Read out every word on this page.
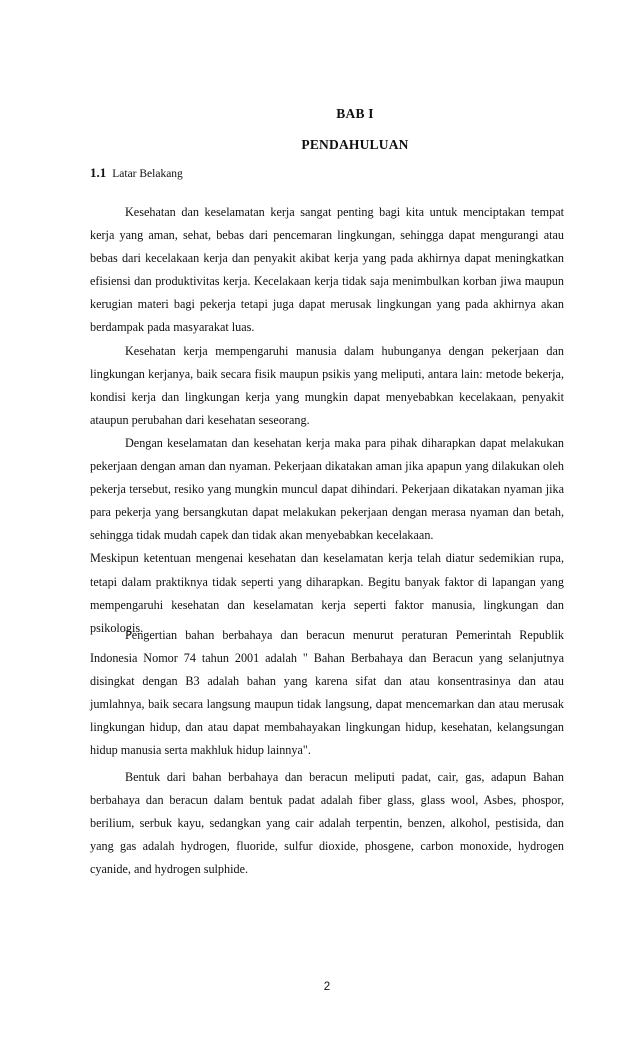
BAB I
PENDAHULUAN
1.1 Latar Belakang

Kesehatan dan keselamatan kerja sangat penting bagi kita untuk menciptakan tempat kerja yang aman, sehat, bebas dari pencemaran lingkungan, sehingga dapat mengurangi atau bebas dari kecelakaan kerja dan penyakit akibat kerja yang pada akhirnya dapat meningkatkan efisiensi dan produktivitas kerja. Kecelakaan kerja tidak saja menimbulkan korban jiwa maupun kerugian materi bagi pekerja tetapi juga dapat merusak lingkungan yang pada akhirnya akan berdampak pada masyarakat luas.

Kesehatan kerja mempengaruhi manusia dalam hubunganya dengan pekerjaan dan lingkungan kerjanya, baik secara fisik maupun psikis yang meliputi, antara lain: metode bekerja, kondisi kerja dan lingkungan kerja yang mungkin dapat menyebabkan kecelakaan, penyakit ataupun perubahan dari kesehatan seseorang.

Dengan keselamatan dan kesehatan kerja maka para pihak diharapkan dapat melakukan pekerjaan dengan aman dan nyaman. Pekerjaan dikatakan aman jika apapun yang dilakukan oleh pekerja tersebut, resiko yang mungkin muncul dapat dihindari. Pekerjaan dikatakan nyaman jika para pekerja yang bersangkutan dapat melakukan pekerjaan dengan merasa nyaman dan betah, sehingga tidak mudah capek dan tidak akan menyebabkan kecelakaan.

Meskipun ketentuan mengenai kesehatan dan keselamatan kerja telah diatur sedemikian rupa, tetapi dalam praktiknya tidak seperti yang diharapkan. Begitu banyak faktor di lapangan yang mempengaruhi kesehatan dan keselamatan kerja seperti faktor manusia, lingkungan dan psikologis.

Pengertian bahan berbahaya dan beracun menurut peraturan Pemerintah Republik Indonesia Nomor 74 tahun 2001 adalah " Bahan Berbahaya dan Beracun yang selanjutnya disingkat dengan B3 adalah bahan yang karena sifat dan atau konsentrasinya dan atau jumlahnya, baik secara langsung maupun tidak langsung, dapat mencemarkan dan atau merusak lingkungan hidup, dan atau dapat membahayakan lingkungan hidup, kesehatan, kelangsungan hidup manusia serta makhluk hidup lainnya".

Bentuk dari bahan berbahaya dan beracun meliputi padat, cair, gas, adapun Bahan berbahaya dan beracun dalam bentuk padat adalah fiber glass, glass wool, Asbes, phospor, berilium, serbuk kayu, sedangkan yang cair adalah terpentin, benzen, alkohol, pestisida, dan yang gas adalah hydrogen, fluoride, sulfur dioxide, phosgene, carbon monoxide, hydrogen cyanide, and hydrogen sulphide.

2
